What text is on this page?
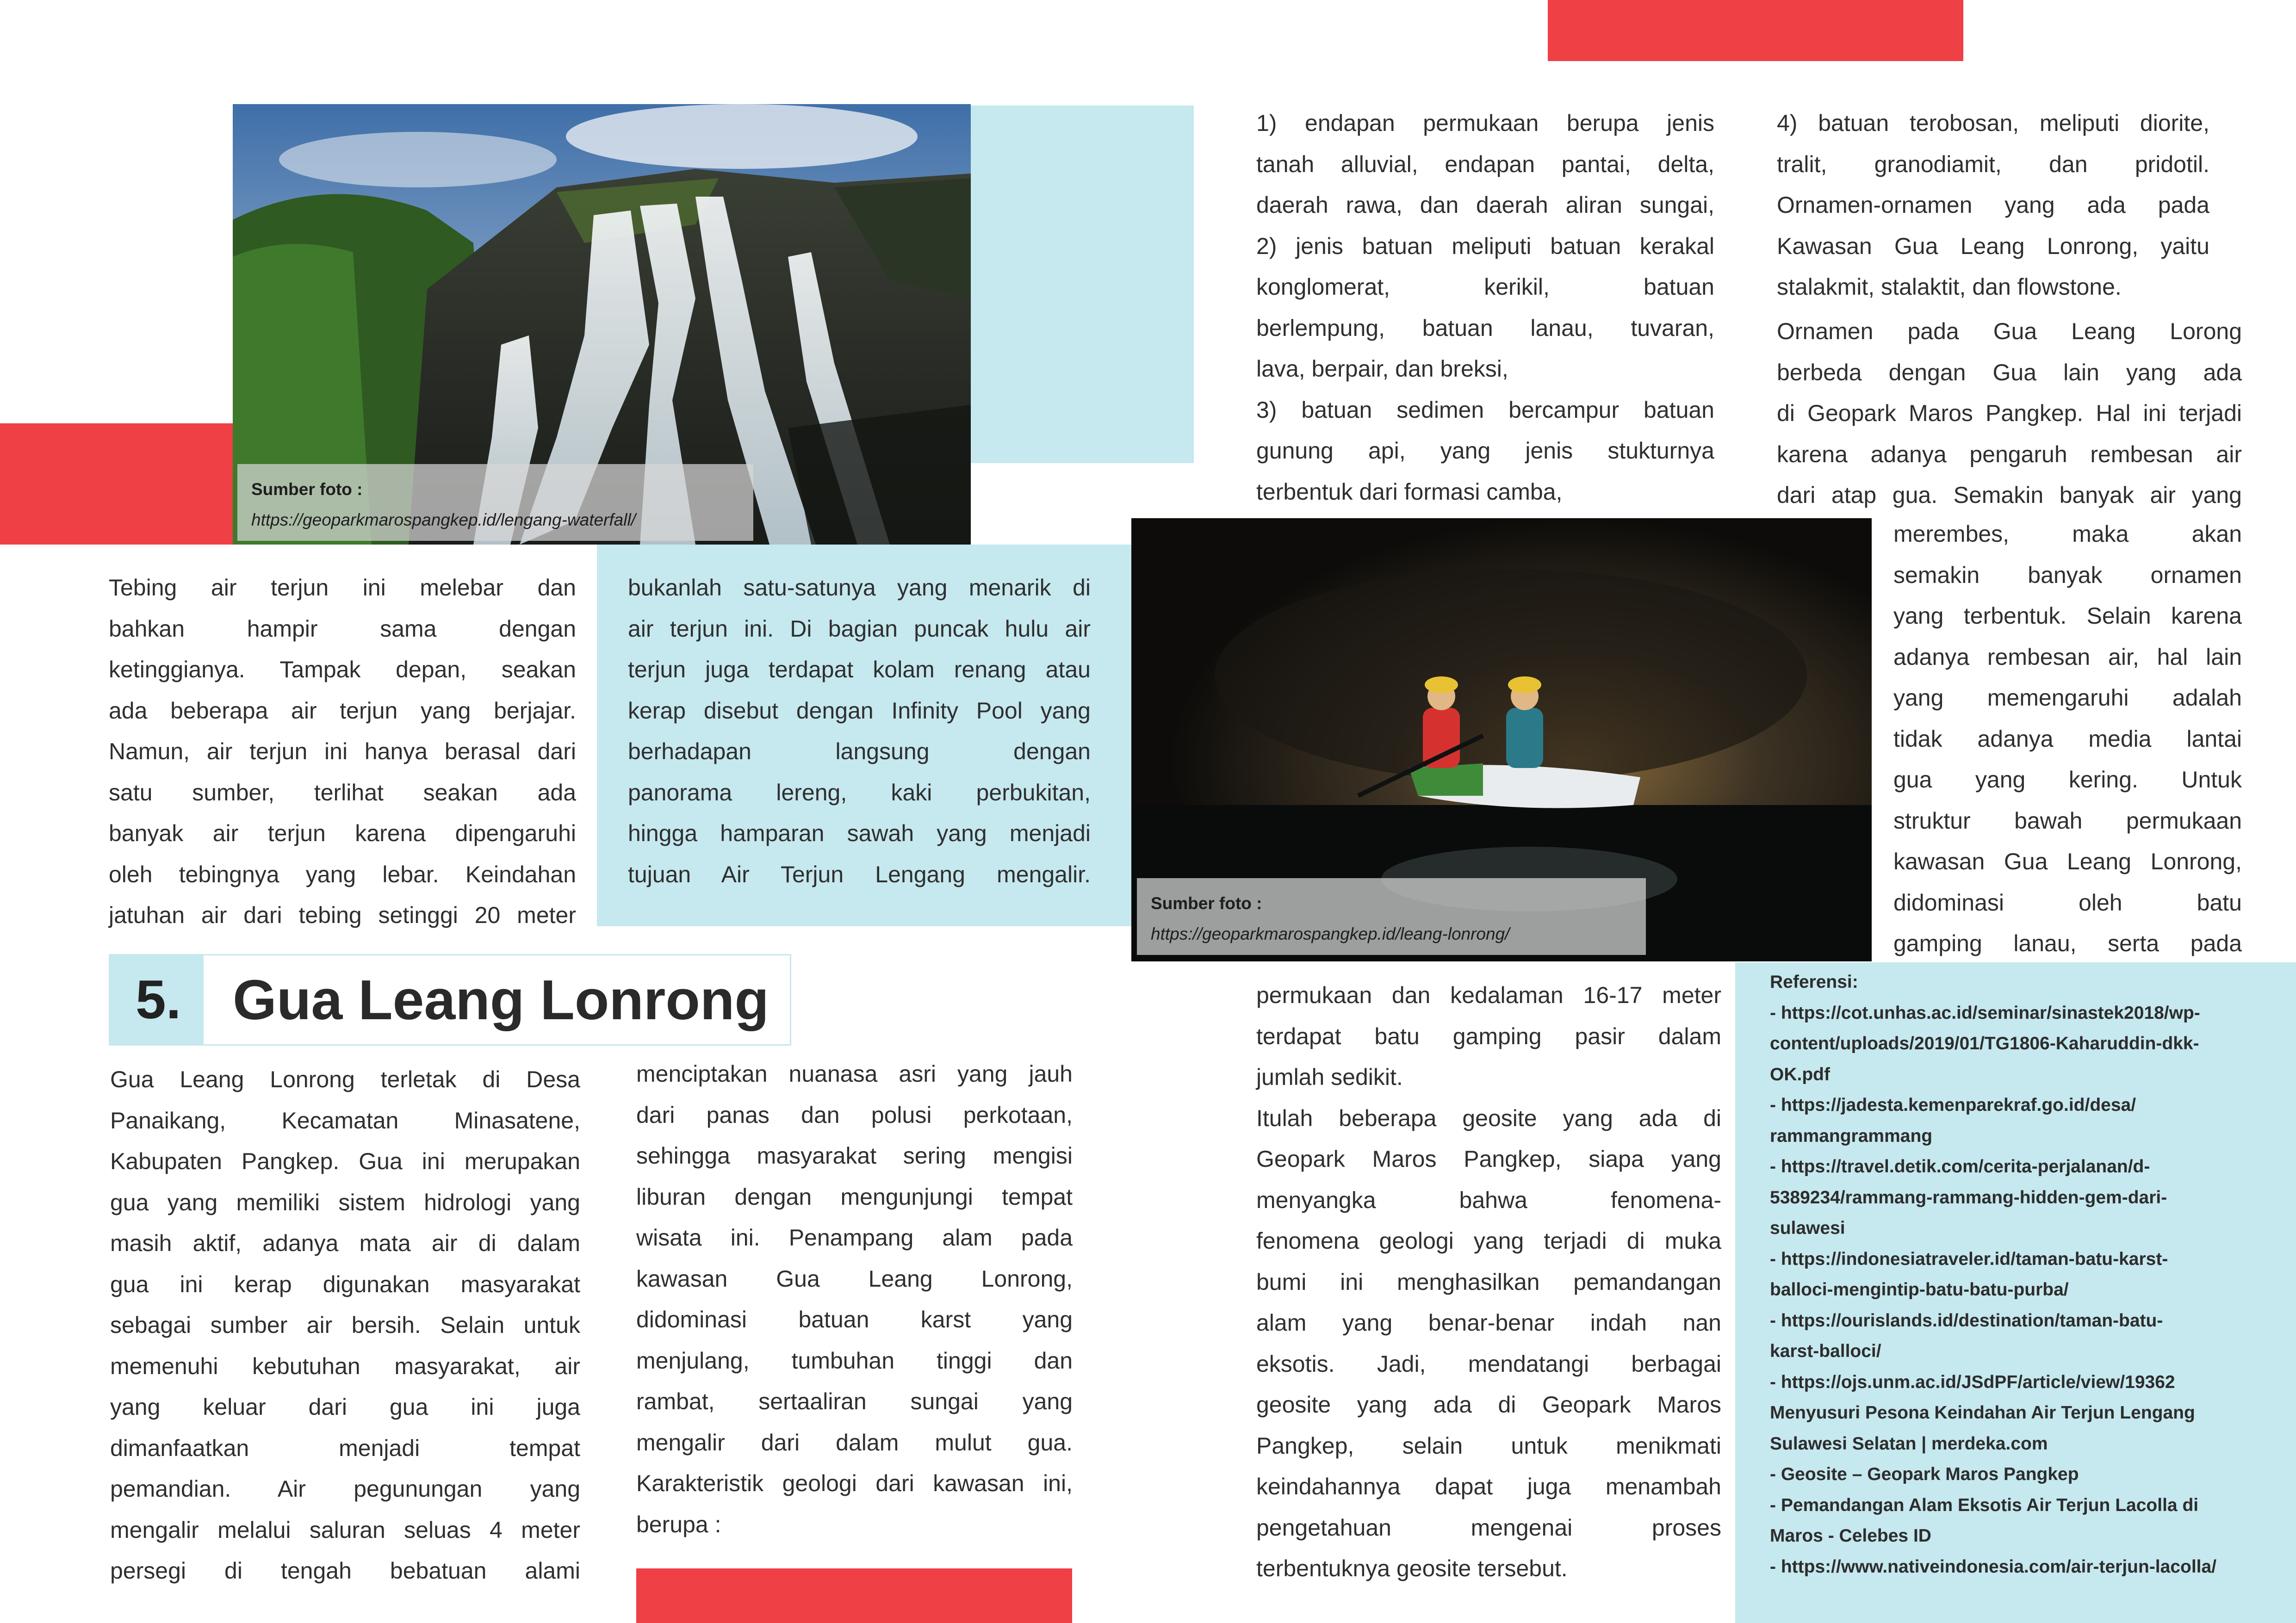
Sumber foto :
https://geoparkmarospangkep.id/lengang-waterfall/
Sumber foto :
https://geoparkmarospangkep.id/leang-lonrong/

Tebing air terjun ini melebar dan

bahkan hampir sama dengan

ketinggianya. Tampak depan, seakan

ada beberapa air terjun yang berjajar.

Namun, air terjun ini hanya berasal dari

satu sumber, terlihat seakan ada

banyak air terjun karena dipengaruhi

oleh tebingnya yang lebar. Keindahan

jatuhan air dari tebing setinggi 20 meter

bukanlah satu-satunya yang menarik di

air terjun ini. Di bagian puncak hulu air

terjun juga terdapat kolam renang atau

kerap disebut dengan Infinity Pool yang

berhadapan langsung dengan

panorama lereng, kaki perbukitan,

hingga hamparan sawah yang menjadi

tujuan Air Terjun Lengang mengalir.

5. Gua Leang Lonrong

Gua Leang Lonrong terletak di Desa

Panaikang, Kecamatan Minasatene,

Kabupaten Pangkep. Gua ini merupakan

gua yang memiliki sistem hidrologi yang

masih aktif, adanya mata air di dalam

gua ini kerap digunakan masyarakat

sebagai sumber air bersih. Selain untuk

memenuhi kebutuhan masyarakat, air

yang keluar dari gua ini juga

dimanfaatkan menjadi tempat

pemandian. Air pegunungan yang

mengalir melalui saluran seluas 4 meter

persegi di tengah bebatuan alami

menciptakan nuanasa asri yang jauh

dari panas dan polusi perkotaan,

sehingga masyarakat sering mengisi

liburan dengan mengunjungi tempat

wisata ini. Penampang alam pada

kawasan Gua Leang Lonrong,

didominasi batuan karst yang

menjulang, tumbuhan tinggi dan

rambat, sertaaliran sungai yang

mengalir dari dalam mulut gua.

Karakteristik geologi dari kawasan ini,

berupa :

1) endapan permukaan berupa jenis

tanah alluvial, endapan pantai, delta,

daerah rawa, dan daerah aliran sungai,

2) jenis batuan meliputi batuan kerakal

konglomerat, kerikil, batuan

berlempung, batuan lanau, tuvaran,

lava, berpair, dan breksi,

3) batuan sedimen bercampur batuan

gunung api, yang jenis stukturnya

terbentuk dari formasi camba,

4) batuan terobosan, meliputi diorite,

tralit, granodiamit, dan pridotil.

Ornamen-ornamen yang ada pada

Kawasan Gua Leang Lonrong, yaitu

stalakmit, stalaktit, dan flowstone.

Ornamen pada Gua Leang Lorong

berbeda dengan Gua lain yang ada

di Geopark Maros Pangkep. Hal ini terjadi

karena adanya pengaruh rembesan air

dari atap gua. Semakin banyak air yang

merembes, maka akan

semakin banyak ornamen

yang terbentuk. Selain karena

adanya rembesan air, hal lain

yang memengaruhi adalah

tidak adanya media lantai

gua yang kering. Untuk

struktur bawah permukaan

kawasan Gua Leang Lonrong,

didominasi oleh batu

gamping lanau, serta pada

permukaan dan kedalaman 16-17 meter

terdapat batu gamping pasir dalam

jumlah sedikit.

Itulah beberapa geosite yang ada di

Geopark Maros Pangkep, siapa yang

menyangka bahwa fenomena-

fenomena geologi yang terjadi di muka

bumi ini menghasilkan pemandangan

alam yang benar-benar indah nan

eksotis. Jadi, mendatangi berbagai

geosite yang ada di Geopark Maros

Pangkep, selain untuk menikmati

keindahannya dapat juga menambah

pengetahuan mengenai proses

terbentuknya geosite tersebut.

Referensi:
- https://cot.unhas.ac.id/seminar/sinastek2018/wp-
content/uploads/2019/01/TG1806-Kaharuddin-dkk-
OK.pdf
- https://jadesta.kemenparekraf.go.id/desa/
rammangrammang
- https://travel.detik.com/cerita-perjalanan/d-
5389234/rammang-rammang-hidden-gem-dari-
sulawesi
- https://indonesiatraveler.id/taman-batu-karst-
balloci-mengintip-batu-batu-purba/
- https://ourislands.id/destination/taman-batu-
karst-balloci/
- https://ojs.unm.ac.id/JSdPF/article/view/19362
Menyusuri Pesona Keindahan Air Terjun Lengang
Sulawesi Selatan | merdeka.com
- Geosite – Geopark Maros Pangkep
- Pemandangan Alam Eksotis Air Terjun Lacolla di
Maros - Celebes ID
- https://www.nativeindonesia.com/air-terjun-lacolla/
